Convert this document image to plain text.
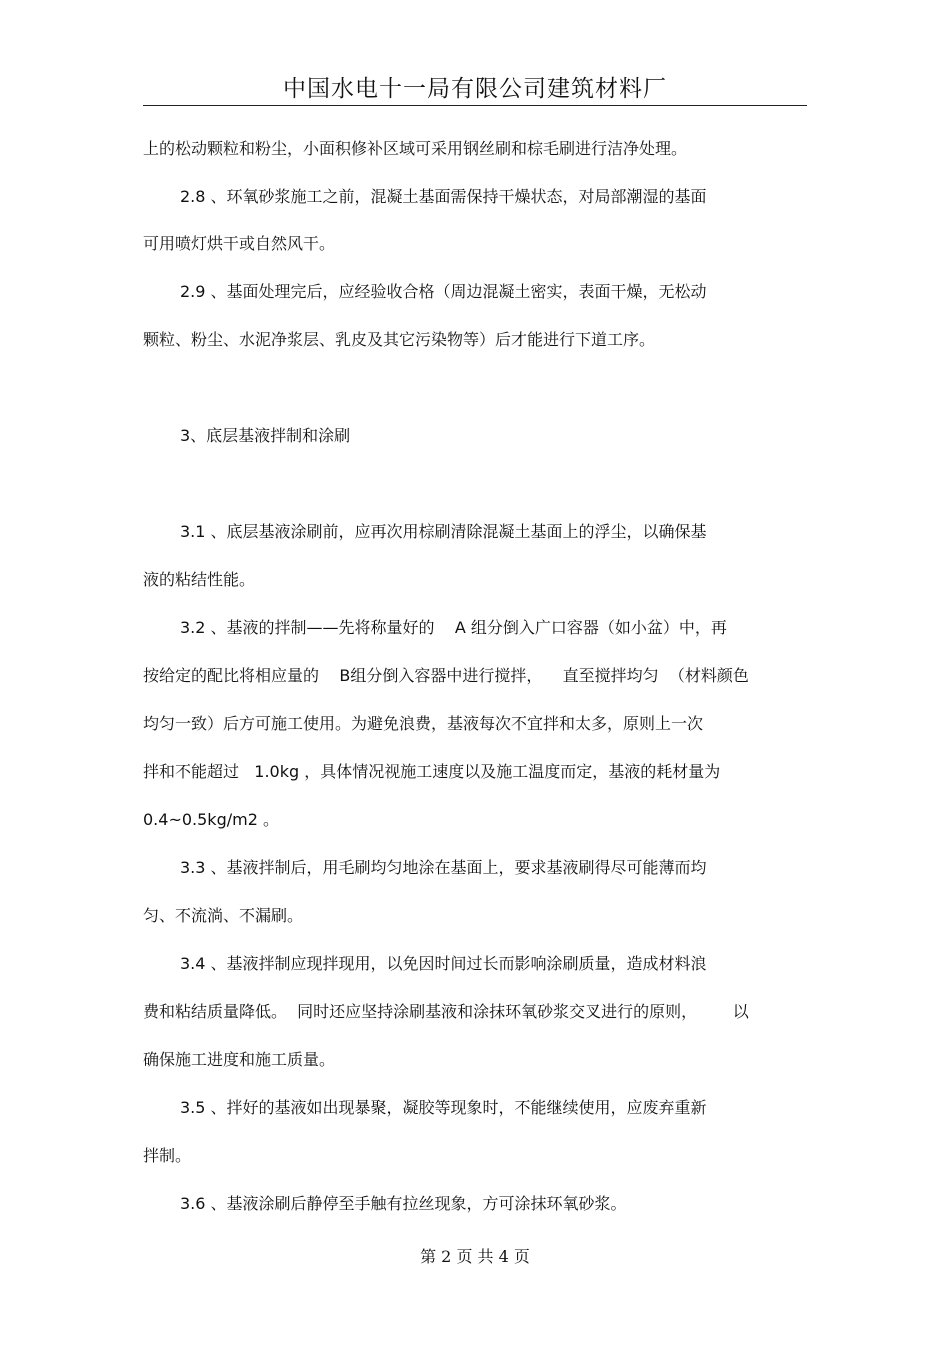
中国水电十一局有限公司建筑材料厂
上的松动颗粒和粉尘，小面积修补区域可采用钢丝刷和棕毛刷进行洁净处理。
2.8 、环氧砂浆施工之前，混凝土基面需保持干燥状态，对局部潮湿的基面
可用喷灯烘干或自然风干。
2.9 、基面处理完后，应经验收合格（周边混凝土密实，表面干燥，无松动
颗粒、粉尘、水泥净浆层、乳皮及其它污染物等）后才能进行下道工序。
3、底层基液拌制和涂刷
3.1 、底层基液涂刷前，应再次用棕刷清除混凝土基面上的浮尘，以确保基
液的粘结性能。
3.2 、基液的拌制——先将称量好的    A 组分倒入广口容器（如小盆）中，再
按给定的配比将相应量的    B组分倒入容器中进行搅拌，    直至搅拌均匀  （材料颜色
均匀一致）后方可施工使用。为避免浪费，基液每次不宜拌和太多，原则上一次
拌和不能超过   1.0kg ，具体情况视施工速度以及施工温度而定，基液的耗材量为
0.4~0.5kg/m2 。
3.3 、基液拌制后，用毛刷均匀地涂在基面上，要求基液刷得尽可能薄而均
匀、不流淌、不漏刷。
3.4 、基液拌制应现拌现用，以免因时间过长而影响涂刷质量，造成材料浪
费和粘结质量降低。  同时还应坚持涂刷基液和涂抹环氧砂浆交叉进行的原则，       以
确保施工进度和施工质量。
3.5 、拌好的基液如出现暴聚，凝胶等现象时，不能继续使用，应废弃重新
拌制。
3.6 、基液涂刷后静停至手触有拉丝现象，方可涂抹环氧砂浆。
第 2 页 共 4 页
